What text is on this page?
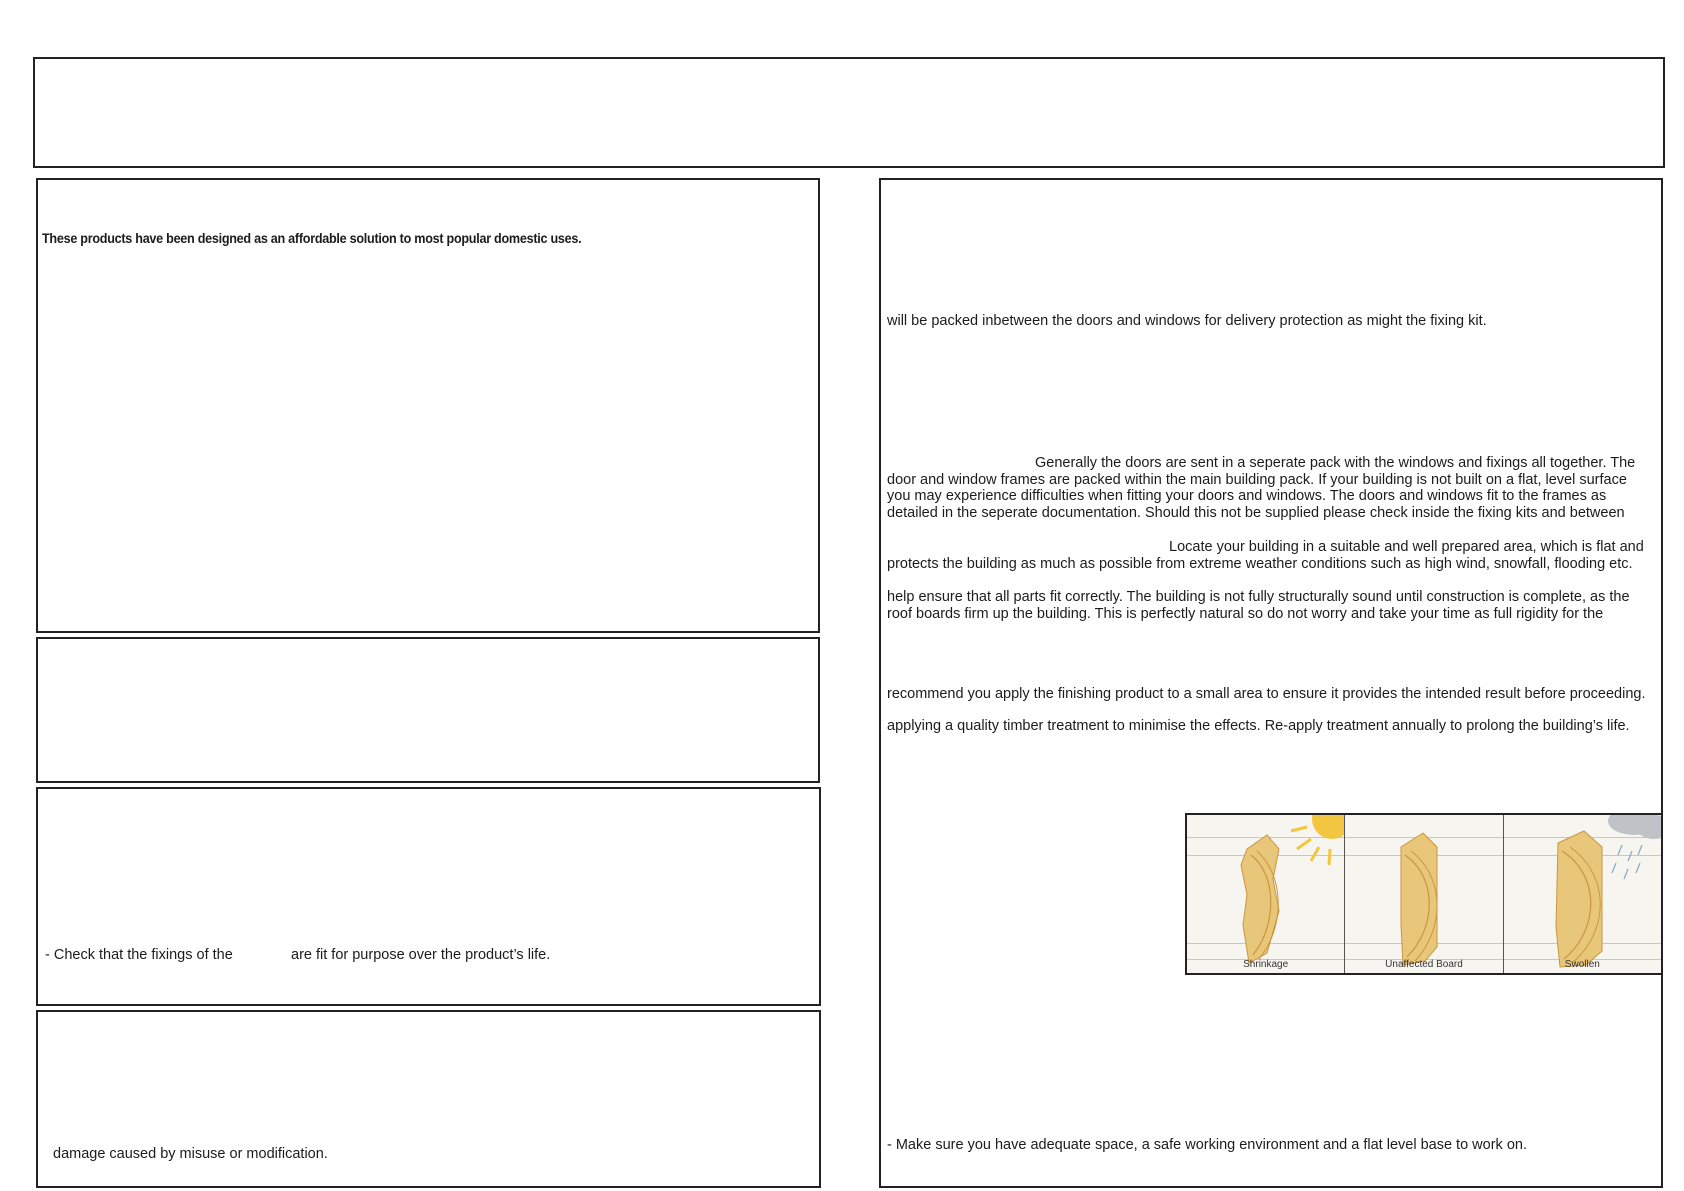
These products have been designed as an affordable solution to most popular domestic uses.
- Check that the fixings of the	are fit for purpose over the product’s life.
damage caused by misuse or modification.
will be packed inbetween the doors and windows for delivery protection as might the fixing kit.
Generally the doors are sent in a seperate pack with the windows and fixings all together. The
door and window frames are packed within the main building pack. If your building is not built on a flat, level surface
you may experience difficulties when fitting your doors and windows. The doors and windows fit to the frames as
detailed in the seperate documentation. Should this not be supplied please check inside the fixing kits and between
Locate your building in a suitable and well prepared area, which is flat and
protects the building as much as possible from extreme weather conditions such as high wind, snowfall, flooding etc.
help ensure that all parts fit correctly. The building is not fully structurally sound until construction is complete, as the
roof boards firm up the building. This is perfectly natural so do not worry and take your time as full rigidity for the
recommend you apply the finishing product to a small area to ensure it provides the intended result before proceeding.
applying a quality timber treatment to minimise the effects. Re-apply treatment annually to prolong the building’s life.
Shrinkage	Unaffected Board	Swollen
- Make sure you have adequate space, a safe working environment and a flat level base to work on.
